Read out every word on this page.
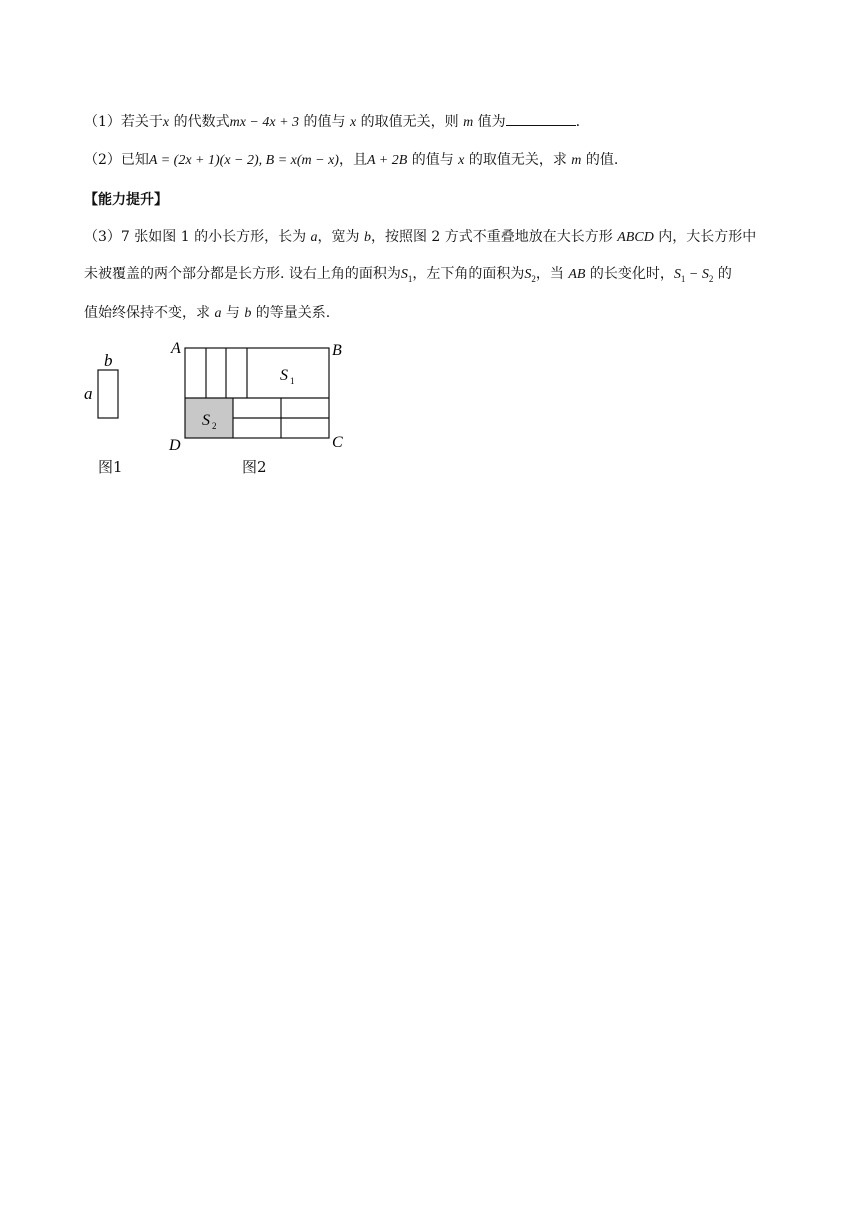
（1）若关于x 的代数式mx − 4x + 3 的值与 x 的取值无关，则 m 值为	.
（2）已知A = (2x + 1)(x − 2), B = x(m − x)，且A + 2B 的值与 x 的取值无关，求 m 的值.
【能力提升】
（3）7 张如图 1 的小长方形，长为 a，宽为 b，按照图 2 方式不重叠地放在大长方形 ABCD 内，大长方形中
未被覆盖的两个部分都是长方形. 设右上角的面积为$S_1$，左下角的面积为$S_2$，当 AB 的长变化时，$S_1 - S_2$ 的
值始终保持不变，求 a 与 b 的等量关系.
b
a
图1
A	B
C
D
S 1
S 2
图2
